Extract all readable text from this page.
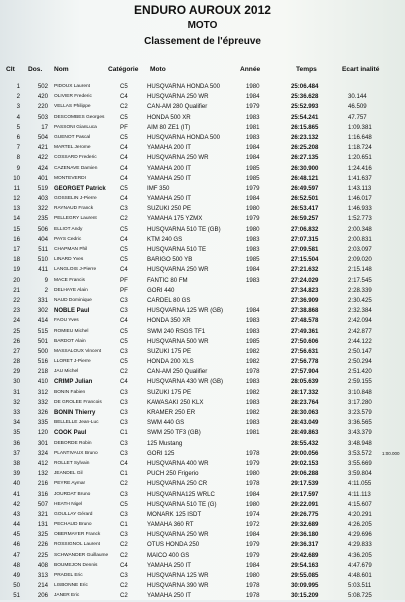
ENDURO AUROUX 2012
MOTO
Classement de l'épreuve
Clt Dos. Nom	Catégorie Moto	Année	Temps	Ecart inalité
1	502 PIDOUX Laurent	C5	HUSQVARNA HONDA 500	1980	25:06.484
2	420 OLIVIER Frederic	C4	HUSQVARNA 250 WR	1984	25:36.628	30.144
3	220 VELLAS Philippe	C2	CAN-AM 280 Qualifier	1979	25:52.993	46.509
4	503 DESCOMBES Georges	C5	HONDA 500 XR	1983	25:54.241	47.757
5	17 PASSONI GianLuca	PF	AIM 80 ZE1 (IT)	1981	26:15.865	1:09.381
6	504 GUENOT Pascal	C5	HUSQVARNA HONDA 500	1983	26:23.132	1:16.648
7	421 MARTEL Jerome	C4	YAMAHA 200 IT	1984	26:25.208	1:18.724
8	422 COSSARD Frederic	C4	HUSQVARNA 250 WR	1984	26:27.135	1:20.651
9	424 CAZENAVE Damien	C4	YAMAHA 200 IT	1985	26:30.900	1:24.416
10	401 MONTEVERDI	C4	YAMAHA 250 IT	1985	26:48.121	1:41.637
11	519 GEORGET Patrick	C5	IMF 350	1979	26:49.597	1:43.113
12	403 GOSSELIN J-Pierre	C4	YAMAHA 250 IT	1984	26:52.501	1:46.017
13	322 RAYNAUD Franck	C3	SUZUKI 250 PE	1980	26:53.417	1:46.933
14	235 PELLEGRY Laurent	C2	YAMAHA 175 YZMX	1979	26:59.257	1:52.773
15	506 ELLIOT Andy	C5	HUSQVARNA 510 TE (GB)	1980	27:06.832	2:00.348
16	404 PAYS Cedric	C4	KTM 240 GS	1983	27:07.315	2:00.831
17	511 CHAPMAN Phil	C5	HUSQVARNA 510 TE	1983	27:09.581	2:03.097
18	510 LINARD Yves	C5	BARIGO 500 YB	1985	27:15.504	2:09.020
19	411 LANGLOIS J-Pierre	C4	HUSQVARNA 250 WR	1984	27:21.632	2:15.148
20	9 MACE Francis	PF	FANTIC 80 FM	1983	27:24.029	2:17.545
21	2 DELHAYE Alain	PF	GORI 440	27:34.823	2:28.339
22	331 NAUD Dominique	C3	CARDEL 80 GS	27:36.909	2:30.425
23	302 NOBLE Paul	C3	HUSQVARNA 125 WR (GB)	1984	27:38.868	2:32.384
24	414 FAOU Yves	C4	HONDA 350 XR	1983	27:48.578	2:42.094
25	515 ROMIEU Michel	C5	SWM 240 RSGS TF1	1983	27:49.361	2:42.877
26	501 BARDOT Alain	C5	HUSQVARNA 500 WR	1985	27:50.606	2:44.122
27	500 MASSALOUX Vincent	C3	SUZUKI 175 PE	1982	27:56.631	2:50.147
28	516 LLORET J-Pierre	C5	HONDA 200 XLS	1982	27:56.778	2:50.294
29	218 JAU Michel	C2	CAN-AM 250 Qualifier	1978	27:57.904	2:51.420
30	410 CRIMP Julian	C4	HUSQVARNA 430 WR (GB)	1983	28:05.639	2:59.155
31	312 BONIN Fabien	C3	SUZUKI 175 PE	1982	28:17.332	3:10.848
32	332 DE GROLEE Francois	C3	KAWASAKI 250 KLX	1983	28:23.764	3:17.280
33	326 BONIN Thierry	C3	KRAMER 250 ER	1982	28:30.063	3:23.579
34	335 BELLELLE Jean-Luc	C3	SWM 440 GS	1983	28:43.049	3:36.565
35	120 COOK Paul	C1	SWM 250 TF3 (GB)	1981	28:49.863	3:43.379
36	301 DEBORDE Robin	C3	125 Mustang	28:55.432	3:48.948
37	324 PLANTIVAUX Bruno	C3	GORI 125	1978	29:00.056	3:53.572	1:00.000
38	412 ROLLET Sylvain	C4	HUSQVARNA 400 WR	1979	29:02.153	3:55.669
39	132 JEANDEL Gil	C1	PUCH 250 Frigerio	1980	29:06.288	3:59.804
40	216 PEYRE Aymar	C2	HUSQVARNA 250 CR	1978	29:17.539	4:11.055
41	316 JOURDAT Bruno	C3	HUSQVARNA125 WRLC	1984	29:17.597	4:11.113
42	507 HEATH Nigel	C5	HUSQVARNA 510 TE (G)	1980	29:22.091	4:15.607
43	321 GOULLAY Gérard	C3	MONARK 125 ISDT	1974	29:26.775	4:20.291
44	131 PECHAUD Bruno	C1	YAMAHA 360 RT	1972	29:32.689	4:26.205
45	325 OBERMAYER Franck	C3	HUSQVARNA 250 WR	1984	29:36.180	4:29.696
46	226 ROSSIGNOL Laurent	C2	OTUS HONDA 250	1979	29:36.317	4:29.833
47	225 SCHWANDER Guillaume	C2	MAICO 400 GS	1979	29:42.689	4:36.205
48	408 BOUMEJON Dennis	C4	YAMAHA 250 IT	1984	29:54.163	4:47.679
49	313 PRADEL Eric	C3	HUSQVARNA 125 WR	1980	29:55.085	4:48.601
50	214 LISBONNE Eric	C2	HUSQVARNA 390 WR	1978	30:09.995	5:03.511
51	206 JANER Eric	C2	YAMAHA 250 IT	1978	30:15.209	5:08.725
